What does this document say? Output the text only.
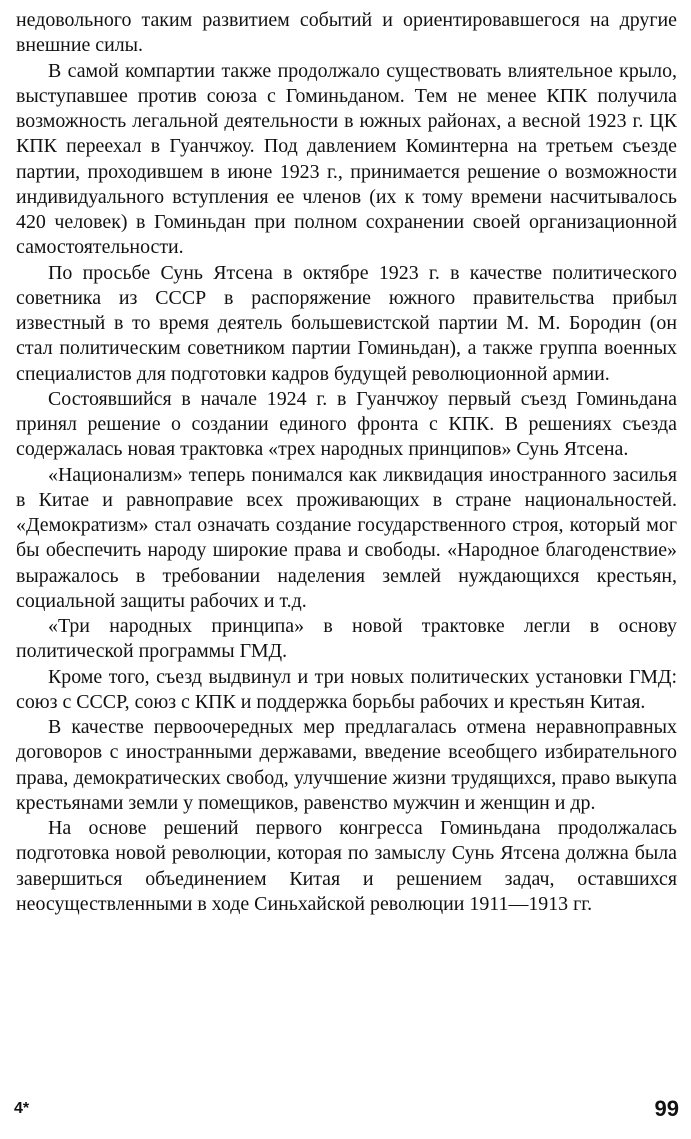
недовольного таким развитием событий и ориентировавшегося на другие внешние силы.

В самой компартии также продолжало существовать влиятельное крыло, выступавшее против союза с Гоминьданом. Тем не менее КПК получила возможность легальной деятельности в южных районах, а весной 1923 г. ЦК КПК переехал в Гуанчжоу. Под давлением Коминтерна на третьем съезде партии, проходившем в июне 1923 г., принимается решение о возможности индивидуального вступления ее членов (их к тому времени насчитывалось 420 человек) в Гоминьдан при полном сохранении своей организационной самостоятельности.

По просьбе Сунь Ятсена в октябре 1923 г. в качестве политического советника из СССР в распоряжение южного правительства прибыл известный в то время деятель большевистской партии М. М. Бородин (он стал политическим советником партии Гоминьдан), а также группа военных специалистов для подготовки кадров будущей революционной армии.

Состоявшийся в начале 1924 г. в Гуанчжоу первый съезд Гоминьдана принял решение о создании единого фронта с КПК. В решениях съезда содержалась новая трактовка «трех народных принципов» Сунь Ятсена.

«Национализм» теперь понимался как ликвидация иностранного засилья в Китае и равноправие всех проживающих в стране национальностей. «Демократизм» стал означать создание государственного строя, который мог бы обеспечить народу широкие права и свободы. «Народное благоденствие» выражалось в требовании наделения землей нуждающихся крестьян, социальной защиты рабочих и т.д.

«Три народных принципа» в новой трактовке легли в основу политической программы ГМД.

Кроме того, съезд выдвинул и три новых политических установки ГМД: союз с СССР, союз с КПК и поддержка борьбы рабочих и крестьян Китая.

В качестве первоочередных мер предлагалась отмена неравноправных договоров с иностранными державами, введение всеобщего избирательного права, демократических свобод, улучшение жизни трудящихся, право выкупа крестьянами земли у помещиков, равенство мужчин и женщин и др.

На основе решений первого конгресса Гоминьдана продолжалась подготовка новой революции, которая по замыслу Сунь Ятсена должна была завершиться объединением Китая и решением задач, оставшихся неосуществленными в ходе Синьхайской революции 1911—1913 гг.

4*	99
